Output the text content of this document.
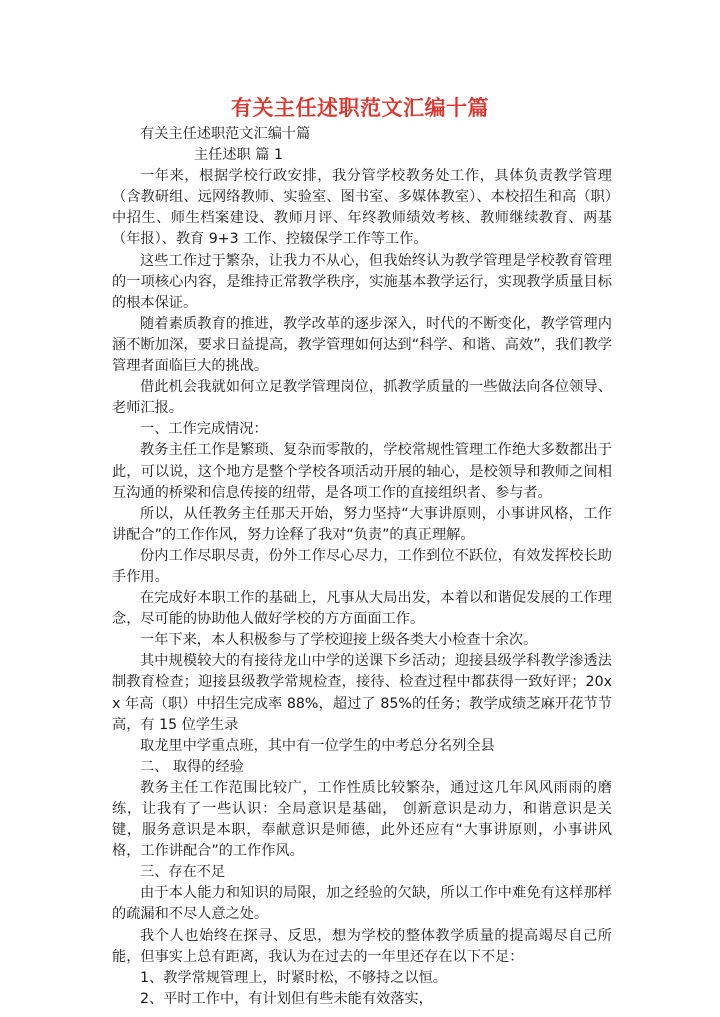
有关主任述职范文汇编十篇

有关主任述职范文汇编十篇

主任述职 篇 1

一年来，根据学校行政安排，我分管学校教务处工作，具体负责教学管理（含教研组、远网络教师、实验室、图书室、多媒体教室）、本校招生和高（职）中招生、师生档案建设、教师月评、年终教师绩效考核、教师继续教育、两基（年报）、教育 9+3 工作、控辍保学工作等工作。

这些工作过于繁杂，让我力不从心，但我始终认为教学管理是学校教育管理的一项核心内容，是维持正常教学秩序，实施基本教学运行，实现教学质量目标的根本保证。

随着素质教育的推进，教学改革的逐步深入，时代的不断变化，教学管理内涵不断加深，要求日益提高，教学管理如何达到“科学、和谐、高效”，我们教学管理者面临巨大的挑战。

借此机会我就如何立足教学管理岗位，抓教学质量的一些做法向各位领导、老师汇报。

一、工作完成情况：

教务主任工作是繁琐、复杂而零散的，学校常规性管理工作绝大多数都出于此，可以说，这个地方是整个学校各项活动开展的轴心，是校领导和教师之间相互沟通的桥梁和信息传接的纽带，是各项工作的直接组织者、参与者。

所以，从任教务主任那天开始，努力坚持“大事讲原则，小事讲风格，工作讲配合”的工作作风，努力诠释了我对“负责”的真正理解。

份内工作尽职尽责，份外工作尽心尽力，工作到位不跃位，有效发挥校长助手作用。

在完成好本职工作的基础上，凡事从大局出发，本着以和谐促发展的工作理念，尽可能的协助他人做好学校的方方面面工作。

一年下来，本人积极参与了学校迎接上级各类大小检查十余次。

其中规模较大的有接待龙山中学的送课下乡活动；迎接县级学科教学渗透法制教育检查；迎接县级教学常规检查，接待、检查过程中都获得一致好评；20xx 年高（职）中招生完成率 88%，超过了 85%的任务；教学成绩芝麻开花节节高，有 15 位学生录

取龙里中学重点班，其中有一位学生的中考总分名列全县

二、 取得的经验

教务主任工作范围比较广，工作性质比较繁杂，通过这几年风风雨雨的磨练，让我有了一些认识：全局意识是基础， 创新意识是动力，和谐意识是关键，服务意识是本职，奉献意识是师德，此外还应有“大事讲原则，小事讲风格，工作讲配合”的工作作风。

三、存在不足

由于本人能力和知识的局限，加之经验的欠缺，所以工作中难免有这样那样的疏漏和不尽人意之处。

我个人也始终在探寻、反思，想为学校的整体教学质量的提高竭尽自己所能，但事实上总有距离，我认为在过去的一年里还存在以下不足：

1、教学常规管理上，时紧时松，不够持之以恒。

2、平时工作中，有计划但有些未能有效落实，
